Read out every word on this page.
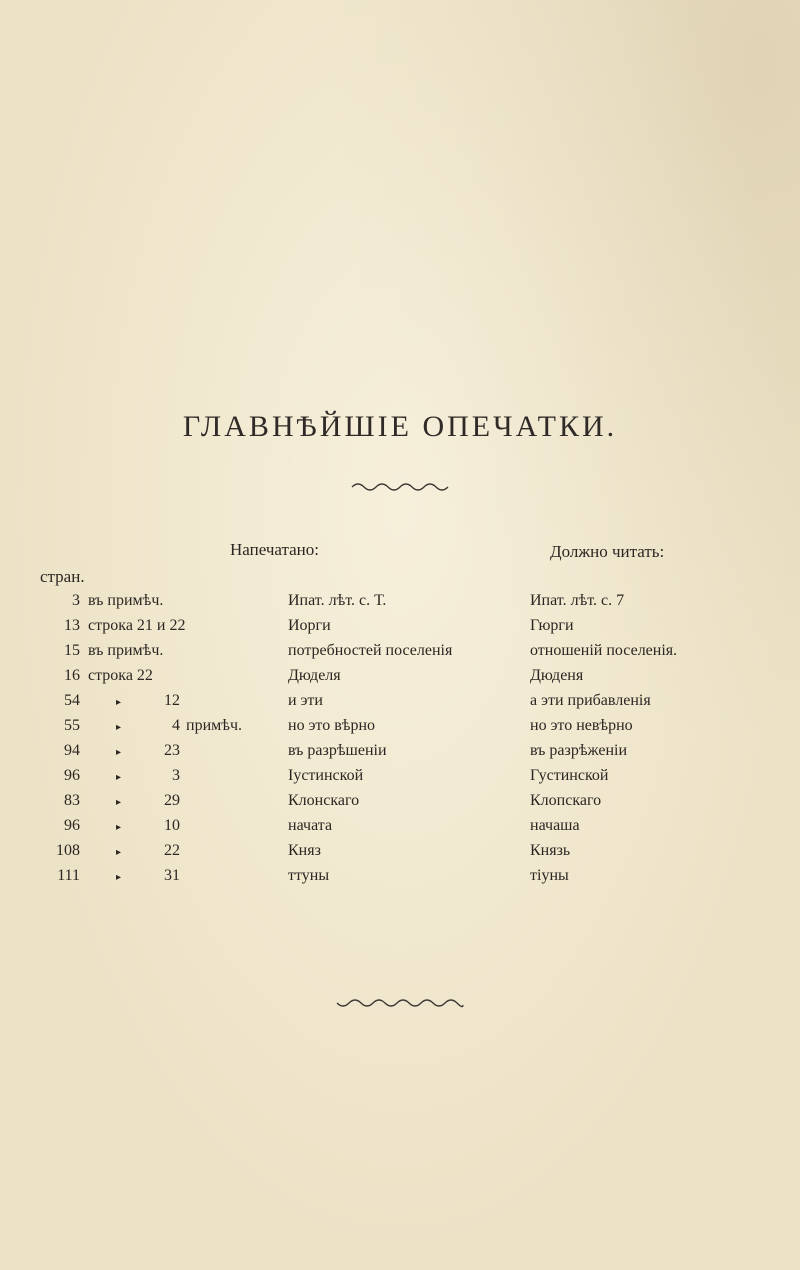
ГЛАВНѢЙШІЕ ОПЕЧАТКИ.
Напечатано:	Должно читать:
стран.
3 въ примѣч.	Ипат. лѣт. с. Т.	Ипат. лѣт. с. 7
13 строка 21 и 22	Иорги	Гюрги
15 въ примѣч.	потребностей поселенія	отношеній поселенія.
16 строка 22	Дюделя	Дюденя
54	▸	12	и эти	а эти прибавленія
55	▸	4 примѣч.	но это вѣрно	но это невѣрно
94	▸	23	въ разрѣшеніи	въ разрѣженіи
96	▸	3	Іустинской	Густинской
83	▸	29	Клонскаго	Клопскаго
96	▸	10	начата	начаша
108	▸	22	Княз	Князь
111	▸	31	ттуны	тіуны
